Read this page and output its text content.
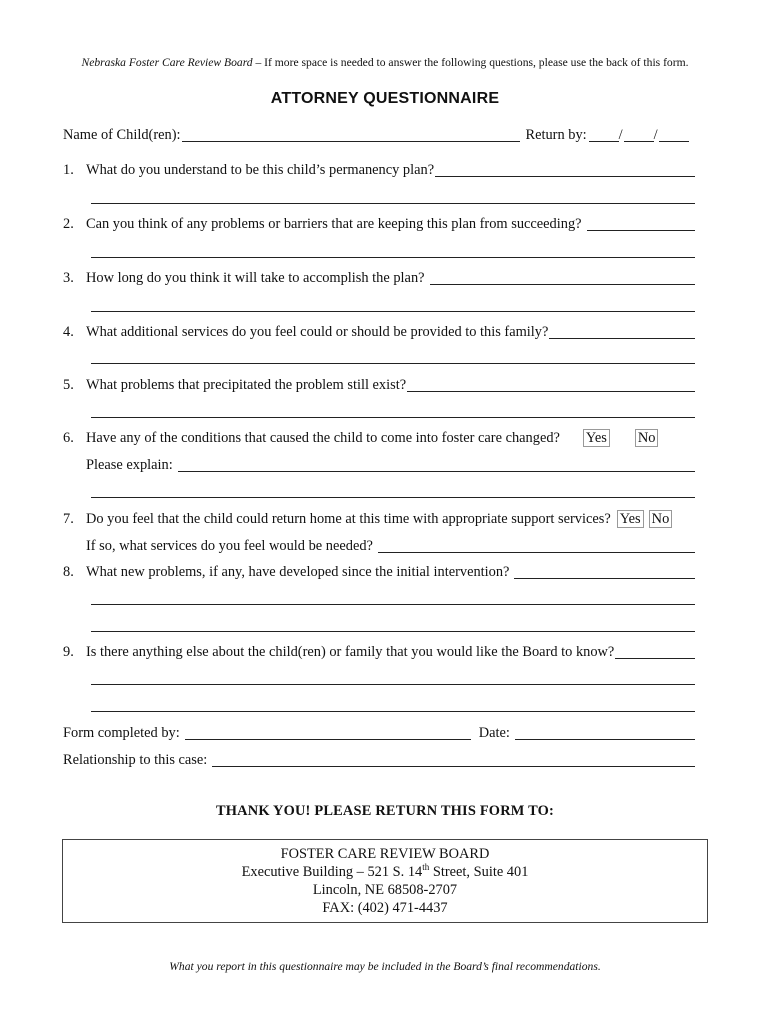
Nebraska Foster Care Review Board – If more space is needed to answer the following questions, please use the back of this form.
ATTORNEY QUESTIONNAIRE
Name of Child(ren):	Return by: / /
1. What do you understand to be this child’s permanency plan?
2. Can you think of any problems or barriers that are keeping this plan from succeeding?
3. How long do you think it will take to accomplish the plan?
4. What additional services do you feel could or should be provided to this family?
5. What problems that precipitated the problem still exist?
6. Have any of the conditions that caused the child to come into foster care changed? Yes No
Please explain:
7. Do you feel that the child could return home at this time with appropriate support services? Yes No
If so, what services do you feel would be needed?
8. What new problems, if any, have developed since the initial intervention?
9. Is there anything else about the child(ren) or family that you would like the Board to know?
Form completed by:	Date:
Relationship to this case:
THANK YOU! PLEASE RETURN THIS FORM TO:
FOSTER CARE REVIEW BOARD
Executive Building – 521 S. 14th Street, Suite 401
Lincoln, NE 68508-2707
FAX: (402) 471-4437
What you report in this questionnaire may be included in the Board’s final recommendations.
